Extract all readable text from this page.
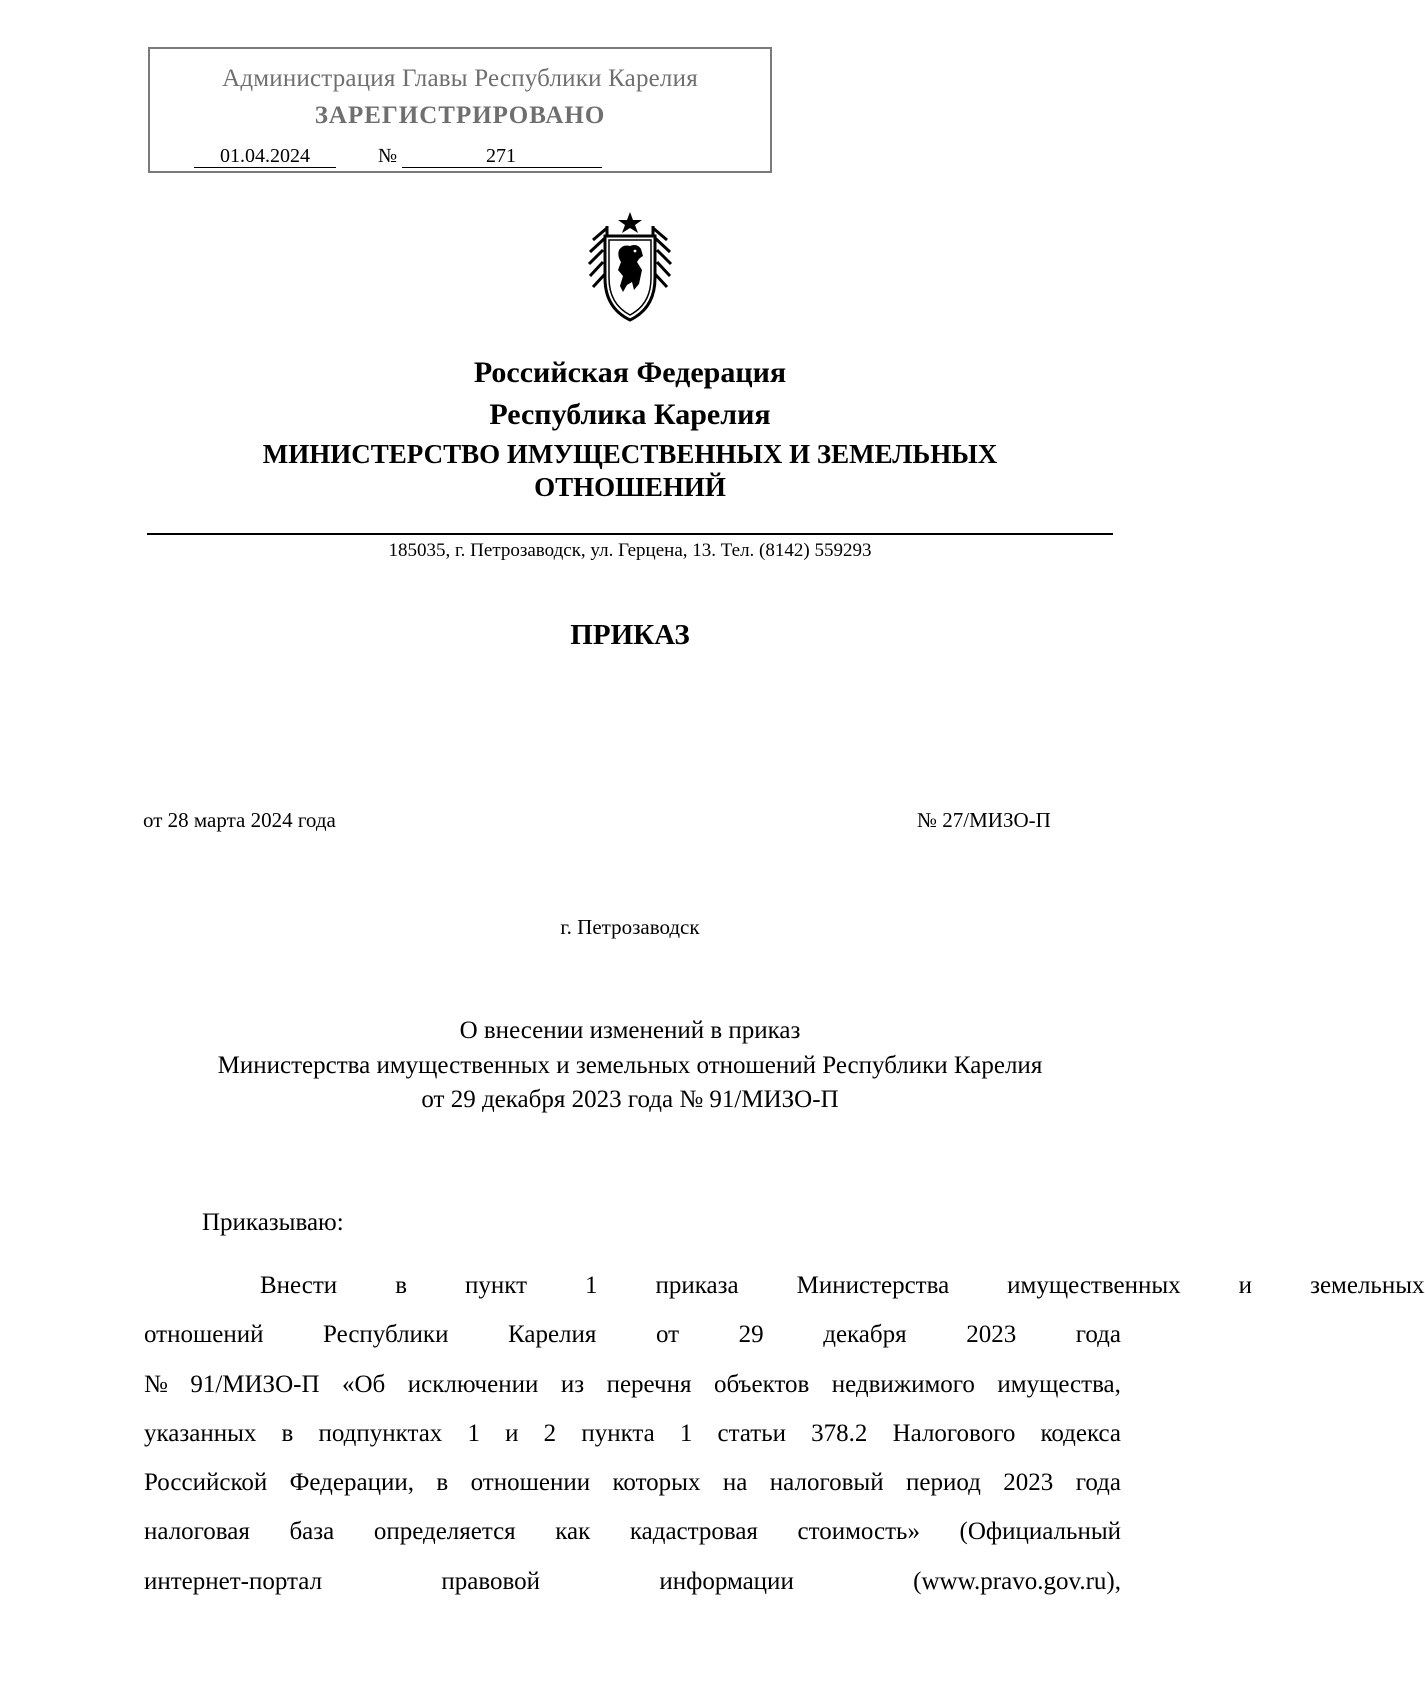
Администрация Главы Республики Карелия
ЗАРЕГИСТРИРОВАНО
01.04.2024	№	271
Российская Федерация
Республика Карелия
МИНИСТЕРСТВО ИМУЩЕСТВЕННЫХ И ЗЕМЕЛЬНЫХ
ОТНОШЕНИЙ
185035, г. Петрозаводск, ул. Герцена, 13. Тел. (8142) 559293
ПРИКАЗ
от 28 марта 2024 года	№ 27/МИЗО-П
г. Петрозаводск
О внесении изменений в приказ
Министерства имущественных и земельных отношений Республики Карелия
от 29 декабря 2023 года № 91/МИЗО-П
Приказываю:
Внести	в	пункт	1	приказа	Министерства	имущественных	и	земельных
отношений Республики Карелия от 29 декабря 2023 года
№ 91/МИЗО-П «Об исключении из перечня объектов недвижимого имущества,
указанных в подпунктах 1 и 2 пункта 1 статьи 378.2 Налогового кодекса
Российской Федерации, в отношении которых на налоговый период 2023 года
налоговая база определяется как кадастровая стоимость» (Официальный
интернет-портал	правовой	информации	(www.pravo.gov.ru),
